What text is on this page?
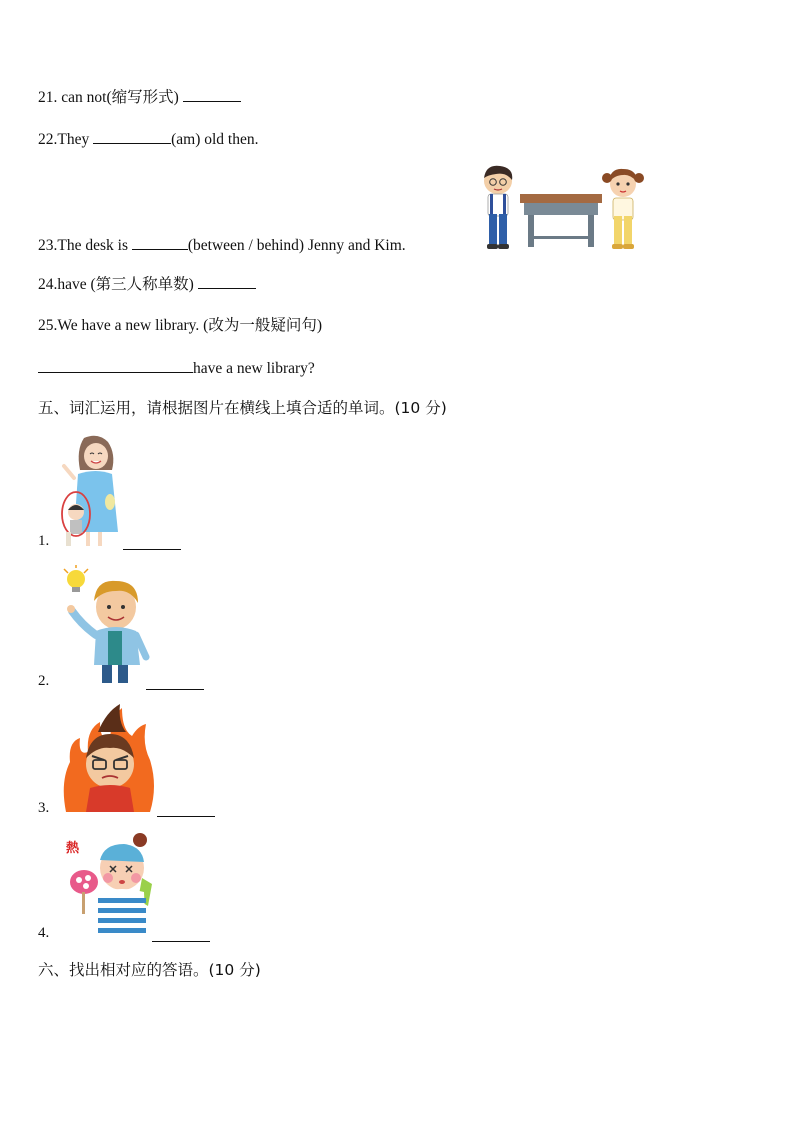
21. can not(缩写形式)
22.They	(am) old then.
23.The desk is	(between / behind) Jenny and Kim.
24.have (第三人称单数)
25.We have a new library. (改为一般疑问句)
have a new library?
五、词汇运用，请根据图片在横线上填合适的单词。(10 分)
1.
2.
3.
熱
4.
六、找出相对应的答语。(10 分)
